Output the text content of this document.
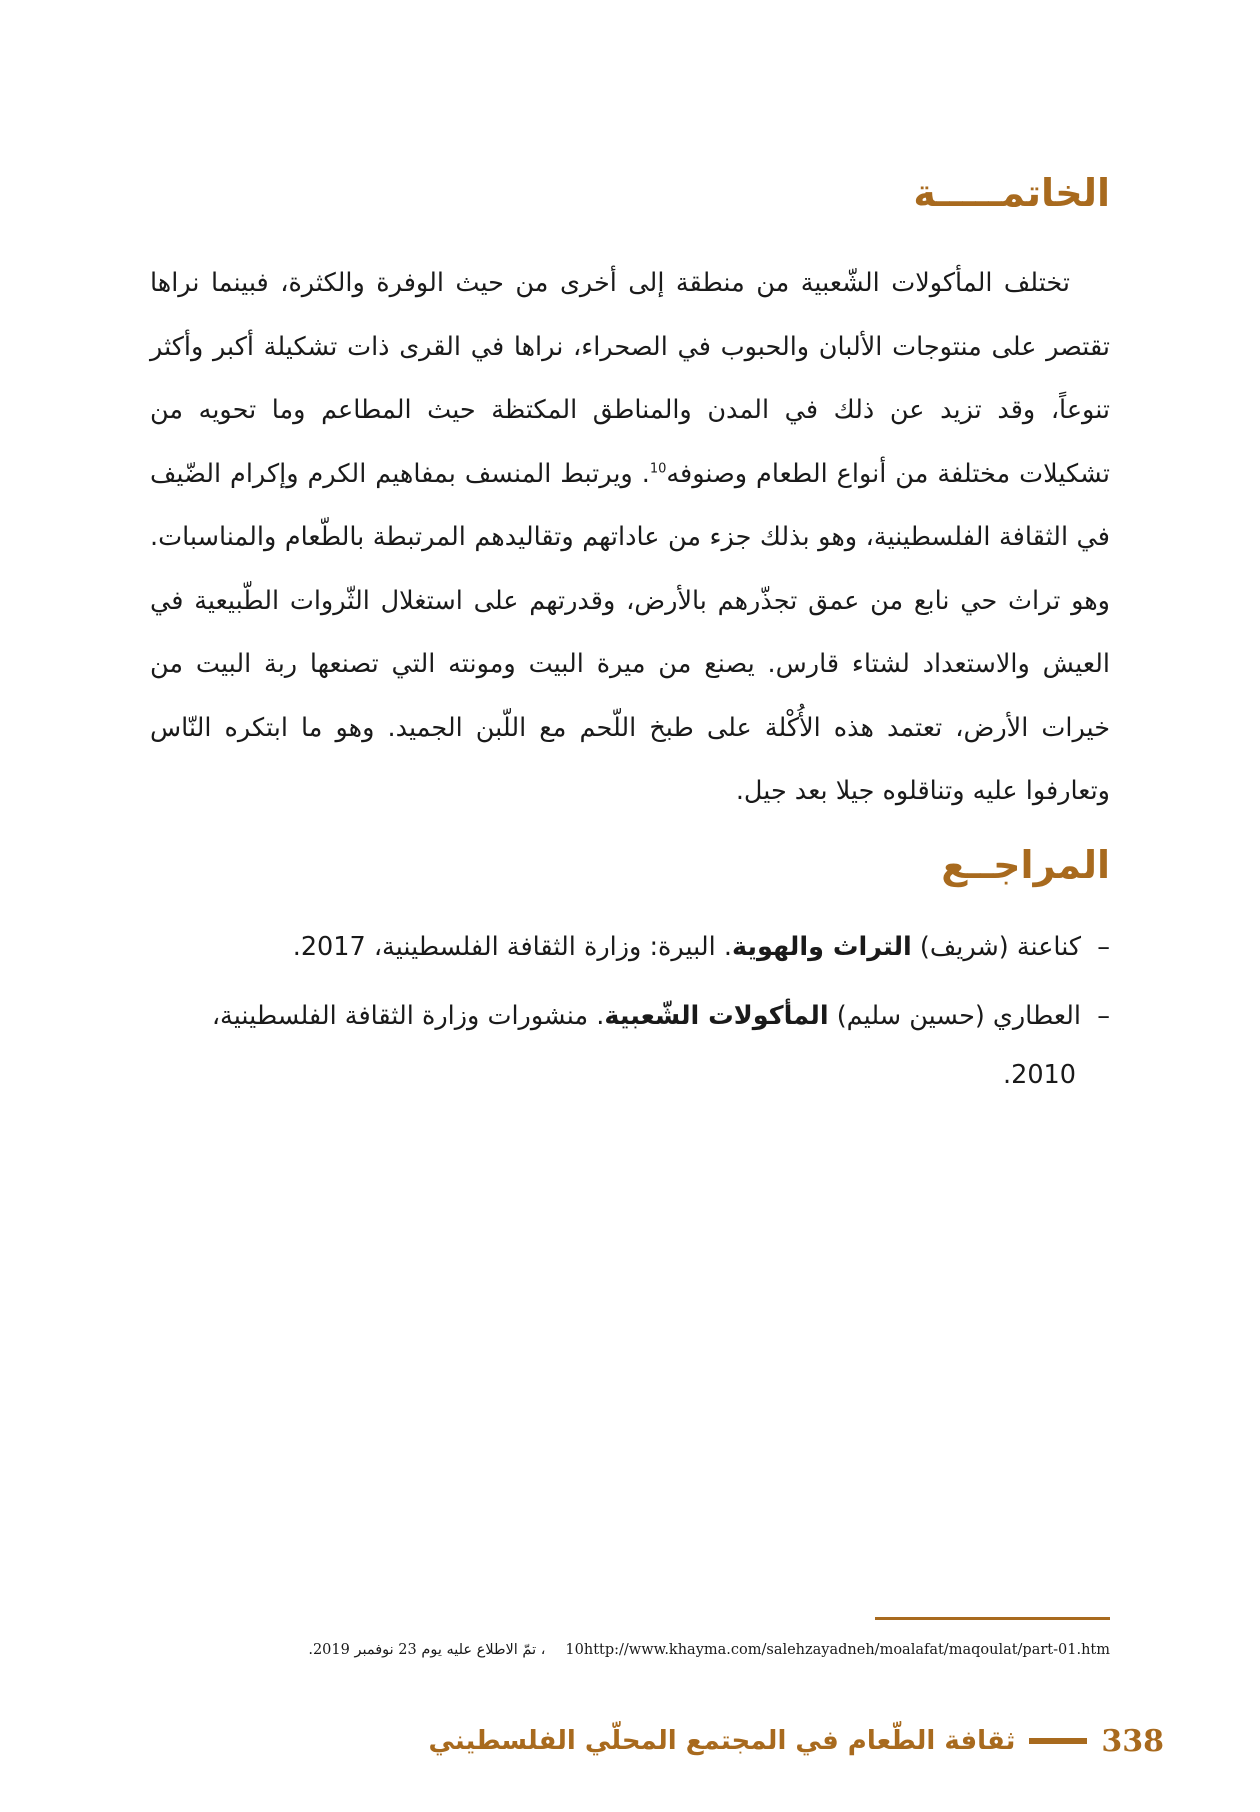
الخاتمـــــة

تختلف المأكولات الشّعبية من منطقة إلى أخرى من حيث الوفرة والكثرة، فبينما نراها تقتصر على منتوجات الألبان والحبوب في الصحراء، نراها في القرى ذات تشكيلة أكبر وأكثر تنوعاً، وقد تزيد عن ذلك في المدن والمناطق المكتظة حيث المطاعم وما تحويه من تشكيلات مختلفة من أنواع الطعام وصنوفه$^{10}$. ويرتبط المنسف بمفاهيم الكرم وإكرام الضّيف في الثقافة الفلسطينية، وهو بذلك جزء من عاداتهم وتقاليدهم المرتبطة بالطّعام والمناسبات. وهو تراث حي نابع من عمق تجذّرهم بالأرض، وقدرتهم على استغلال الثّروات الطّبيعية في العيش والاستعداد لشتاء قارس. يصنع من ميرة البيت ومونته التي تصنعها ربة البيت من خيرات الأرض، تعتمد هذه الأُكْلة على طبخ اللّحم مع اللّبن الجميد. وهو ما ابتكره النّاس وتعارفوا عليه وتناقلوه جيلا بعد جيل.

المراجــع

–  كناعنة (شريف) التراث والهوية. البيرة: وزارة الثقافة الفلسطينية، 2017.

–  العطاري (حسين سليم) المأكولات الشّعبية. منشورات وزارة الثقافة الفلسطينية، 2010.

10http://www.khayma.com/salehzayadneh/moalafat/maqoulat/part-01.htm، تمّ الاطلاع عليه يوم 23 نوفمبر 2019.
338
ثقافة الطّعام في المجتمع المحلّي الفلسطيني
